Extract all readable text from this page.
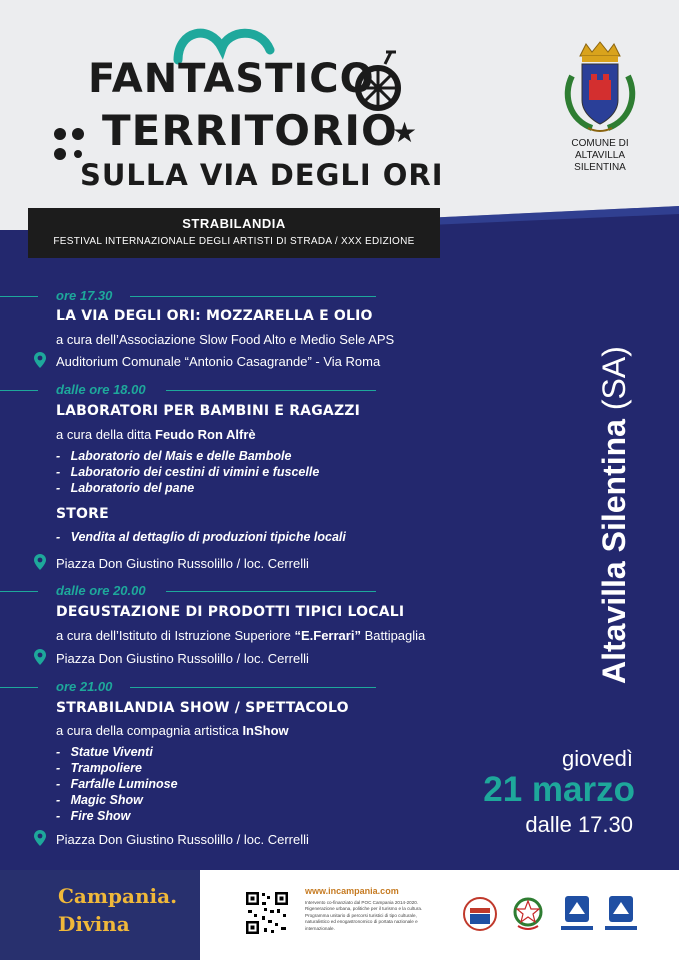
FANTASTICO
TERRITORIO
★
SULLA VIA DEGLI ORI
COMUNE DI
ALTAVILLA SILENTINA
STRABILANDIA
FESTIVAL INTERNAZIONALE DEGLI ARTISTI DI STRADA / XXX EDIZIONE
ore 17.30
LA VIA DEGLI ORI: MOZZARELLA E OLIO
a cura dell’Associazione Slow Food Alto e Medio Sele APS
Auditorium Comunale “Antonio Casagrande” - Via Roma
dalle ore 18.00
LABORATORI PER BAMBINI E RAGAZZI
a cura della ditta Feudo Ron Alfrè
-   Laboratorio del Mais e delle Bambole
-   Laboratorio dei cestini di vimini e fuscelle
-   Laboratorio del pane
STORE
-   Vendita al dettaglio di produzioni tipiche locali
Piazza Don Giustino Russolillo / loc. Cerrelli
dalle ore 20.00
DEGUSTAZIONE DI PRODOTTI TIPICI LOCALI
a cura dell’Istituto di Istruzione Superiore “E.Ferrari” Battipaglia
Piazza Don Giustino Russolillo / loc. Cerrelli
ore 21.00
STRABILANDIA SHOW / SPETTACOLO
a cura della compagnia artistica InShow
-   Statue Viventi
-   Trampoliere
-   Farfalle Luminose
-   Magic Show
-   Fire Show
Piazza Don Giustino Russolillo / loc. Cerrelli
Altavilla Silentina (SA)
giovedì
21 marzo
dalle 17.30
Campania.
Divina
www.incampania.com
Intervento co-finanziato dal POC Campania 2014-2020. Rigenerazione urbana, politiche per il turismo e la cultura. Programma unitario di percorsi turistici di tipo culturale, naturalistico ed enogastronomico di portata nazionale e internazionale.
